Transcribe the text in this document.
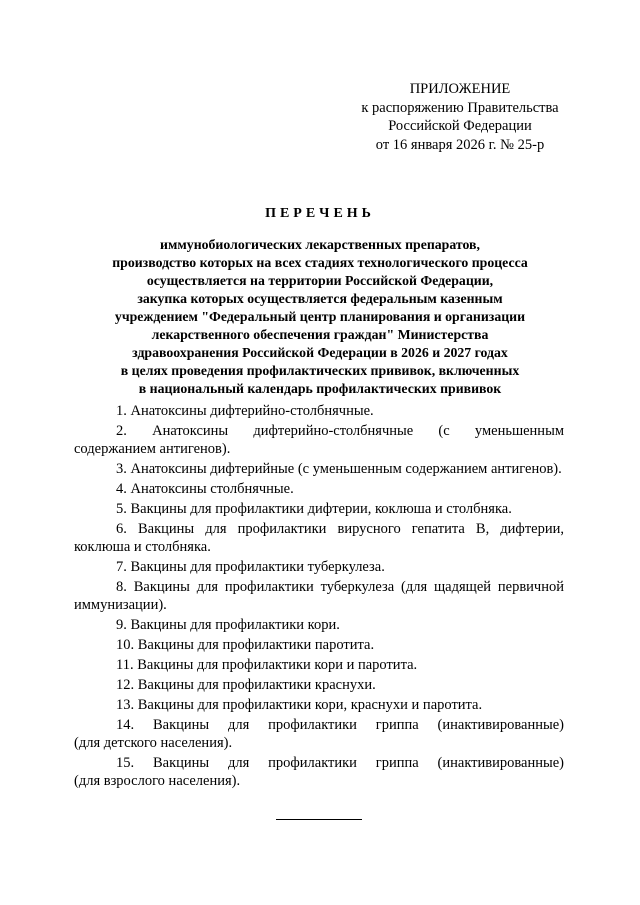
ПРИЛОЖЕНИЕ
к распоряжению Правительства
Российской Федерации
от 16 января 2026 г. № 25-р
ПЕРЕЧЕНЬ
иммунобиологических лекарственных препаратов,
производство которых на всех стадиях технологического процесса
осуществляется на территории Российской Федерации,
закупка которых осуществляется федеральным казенным
учреждением "Федеральный центр планирования и организации
лекарственного обеспечения граждан" Министерства
здравоохранения Российской Федерации в 2026 и 2027 годах
в целях проведения профилактических прививок, включенных
в национальный календарь профилактических прививок

1. Анатоксины дифтерийно-столбнячные.

2. Анатоксины дифтерийно-столбнячные (с уменьшенным

содержанием антигенов).

3. Анатоксины дифтерийные (с уменьшенным содержанием антигенов).

4. Анатоксины столбнячные.

5. Вакцины для профилактики дифтерии, коклюша и столбняка.

6. Вакцины для профилактики вирусного гепатита В, дифтерии,

коклюша и столбняка.

7. Вакцины для профилактики туберкулеза.

8. Вакцины для профилактики туберкулеза (для щадящей первичной

иммунизации).

9. Вакцины для профилактики кори.

10. Вакцины для профилактики паротита.

11. Вакцины для профилактики кори и паротита.

12. Вакцины для профилактики краснухи.

13. Вакцины для профилактики кори, краснухи и паротита.

14. Вакцины для профилактики гриппа (инактивированные)

(для детского населения).

15. Вакцины для профилактики гриппа (инактивированные)

(для взрослого населения).
